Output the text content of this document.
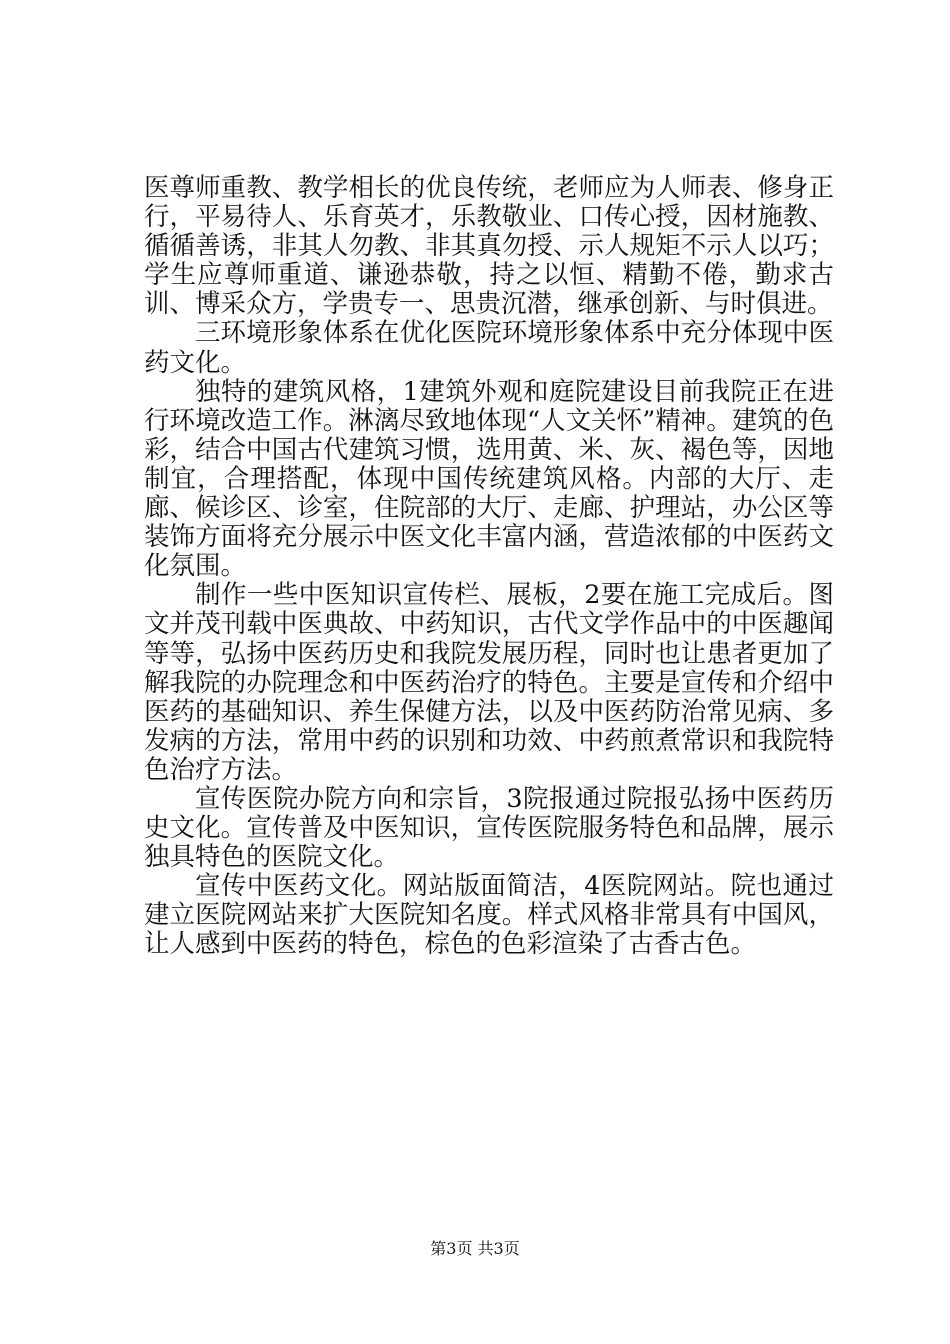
医尊师重教、教学相长的优良传统，老师应为人师表、修身正行，平易待人、乐育英才，乐教敬业、口传心授，因材施教、循循善诱，非其人勿教、非其真勿授、示人规矩不示人以巧；学生应尊师重道、谦逊恭敬，持之以恒、精勤不倦，勤求古训、博采众方，学贵专一、思贵沉潜，继承创新、与时俱进。

三环境形象体系在优化医院环境形象体系中充分体现中医药文化。

独特的建筑风格，1建筑外观和庭院建设目前我院正在进行环境改造工作。淋漓尽致地体现“人文关怀”精神。建筑的色彩，结合中国古代建筑习惯，选用黄、米、灰、褐色等，因地制宜，合理搭配，体现中国传统建筑风格。内部的大厅、走廊、候诊区、诊室，住院部的大厅、走廊、护理站，办公区等装饰方面将充分展示中医文化丰富内涵，营造浓郁的中医药文化氛围。

制作一些中医知识宣传栏、展板，2要在施工完成后。图文并茂刊载中医典故、中药知识，古代文学作品中的中医趣闻等等，弘扬中医药历史和我院发展历程，同时也让患者更加了解我院的办院理念和中医药治疗的特色。主要是宣传和介绍中医药的基础知识、养生保健方法，以及中医药防治常见病、多发病的方法，常用中药的识别和功效、中药煎煮常识和我院特色治疗方法。

宣传医院办院方向和宗旨，3院报通过院报弘扬中医药历史文化。宣传普及中医知识，宣传医院服务特色和品牌，展示独具特色的医院文化。

宣传中医药文化。网站版面简洁，4医院网站。院也通过建立医院网站来扩大医院知名度。样式风格非常具有中国风，让人感到中医药的特色，棕色的色彩渲染了古香古色。

第3页 共3页
